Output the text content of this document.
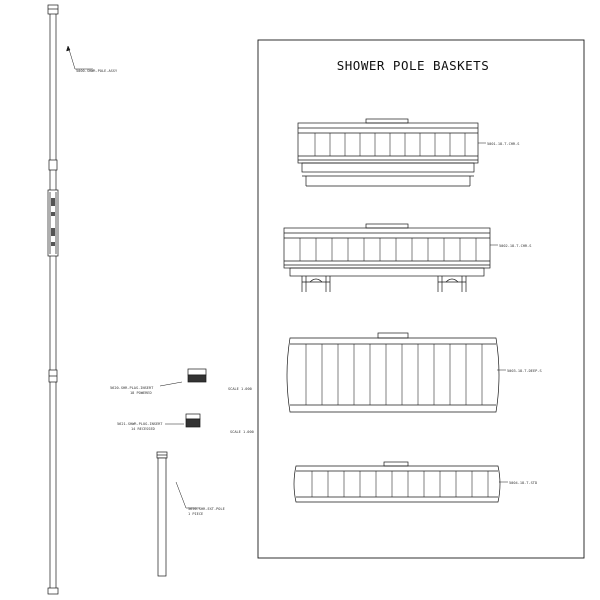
5000-SHWR-POLE-ASSY
5620-SHR-PLAS-INSERT
18 POWERED
SCALE 1.000
5621-SHWR-PLUG-INSERT
14 RECESSED
SCALE 1.000
5650-SHR-EXT-POLE
1 PIECE
SHOWER POLE BASKETS
5001-18-T-CHR-S
5002-18-T-CHR-S
5003-18-T-DEEP-S
5004-18-T-STD
